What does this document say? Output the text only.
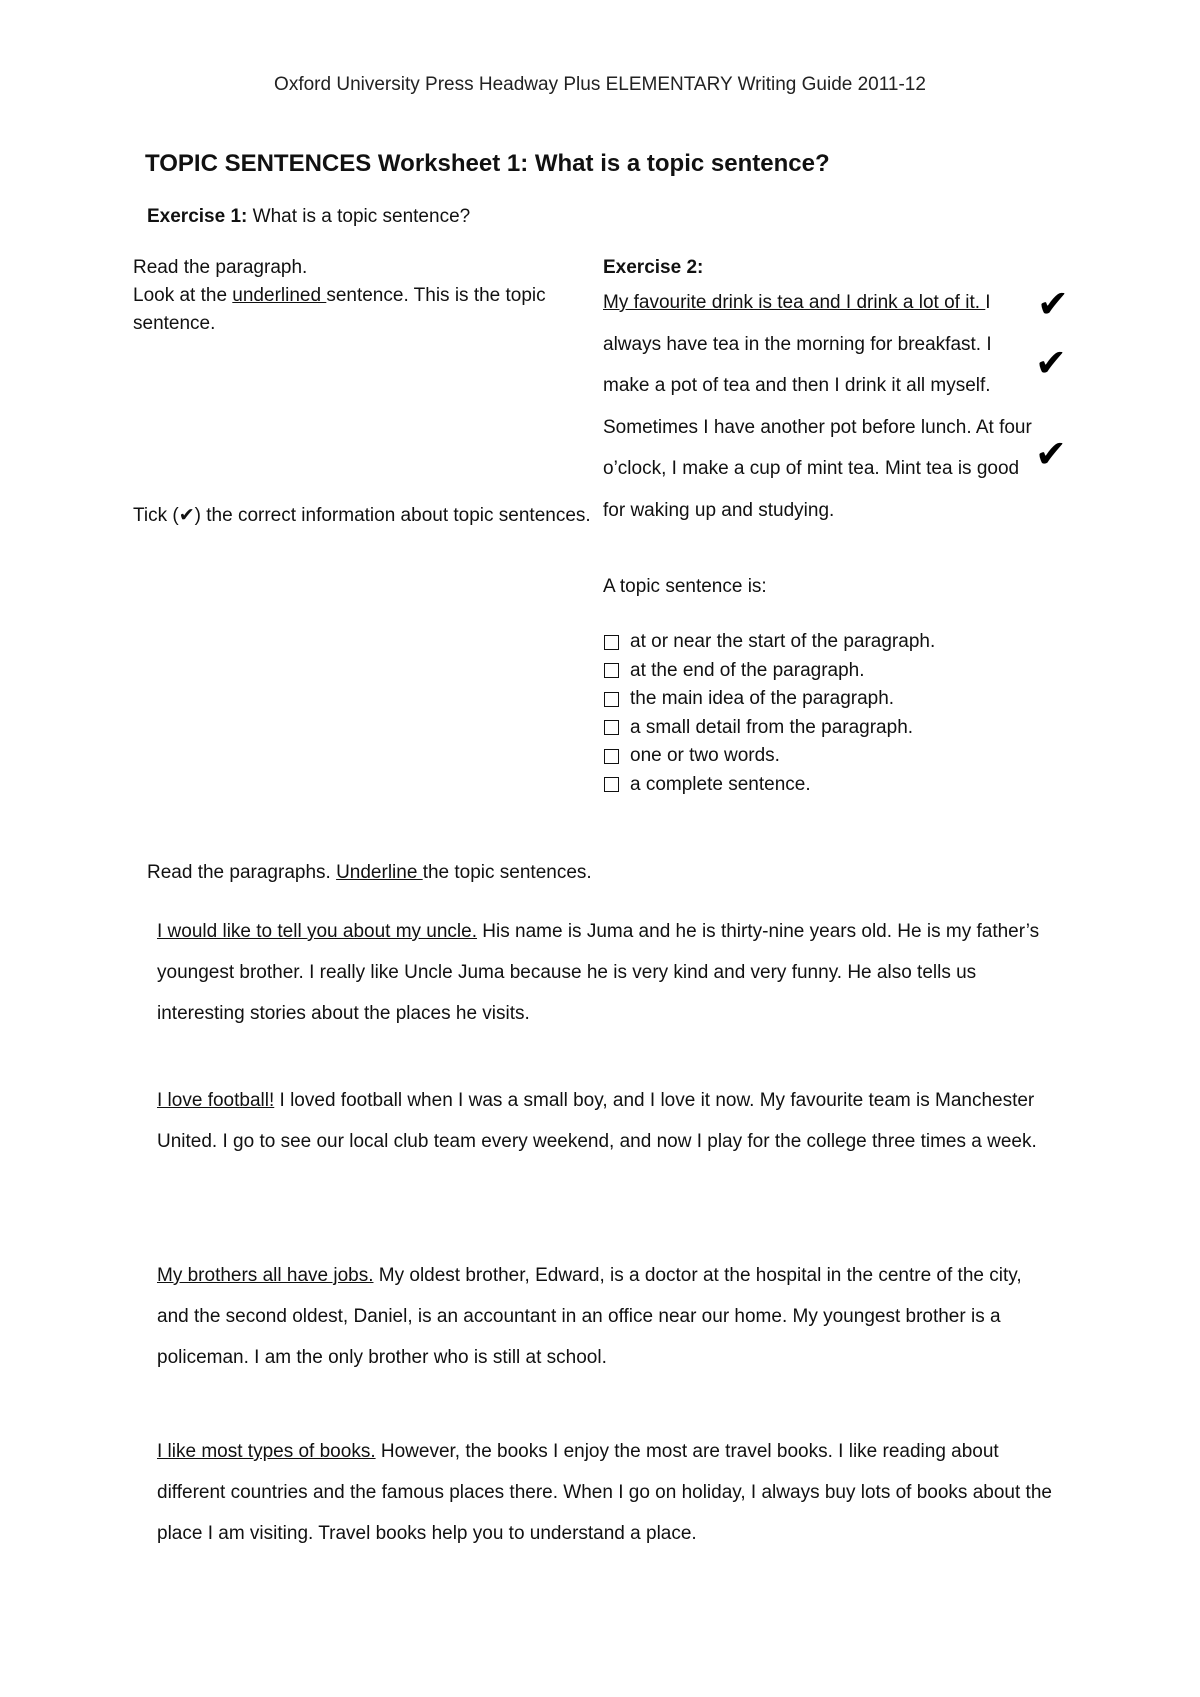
Oxford University Press Headway Plus ELEMENTARY Writing Guide 2011-12
TOPIC SENTENCES Worksheet 1: What is a topic sentence?
Exercise 1: What is a topic sentence?

Read the paragraph.

Look at the underlined sentence. This is the topic sentence.

Tick (✔) the correct information about topic sentences.

Exercise 2:

My favourite drink is tea and I drink a lot of it. I always have tea in the morning for breakfast. I make a pot of tea and then I drink it all myself. Sometimes I have another pot before lunch. At four o’clock, I make a cup of mint tea. Mint tea is good for waking up and studying.

✔
✔
✔
A topic sentence is:
at or near the start of the paragraph.
at the end of the paragraph.
the main idea of the paragraph.
a small detail from the paragraph.
one or two words.
a complete sentence.
Read the paragraphs. Underline the topic sentences.

I would like to tell you about my uncle. His name is Juma and he is thirty-nine years old. He is my father’s youngest brother. I really like Uncle Juma because he is very kind and very funny. He also tells us interesting stories about the places he visits.

I love football! I loved football when I was a small boy, and I love it now. My favourite team is Manchester United. I go to see our local club team every weekend, and now I play for the college three times a week.

My brothers all have jobs. My oldest brother, Edward, is a doctor at the hospital in the centre of the city, and the second oldest, Daniel, is an accountant in an office near our home. My youngest brother is a policeman. I am the only brother who is still at school.

I like most types of books. However, the books I enjoy the most are travel books. I like reading about different countries and the famous places there. When I go on holiday, I always buy lots of books about the place I am visiting. Travel books help you to understand a place.
